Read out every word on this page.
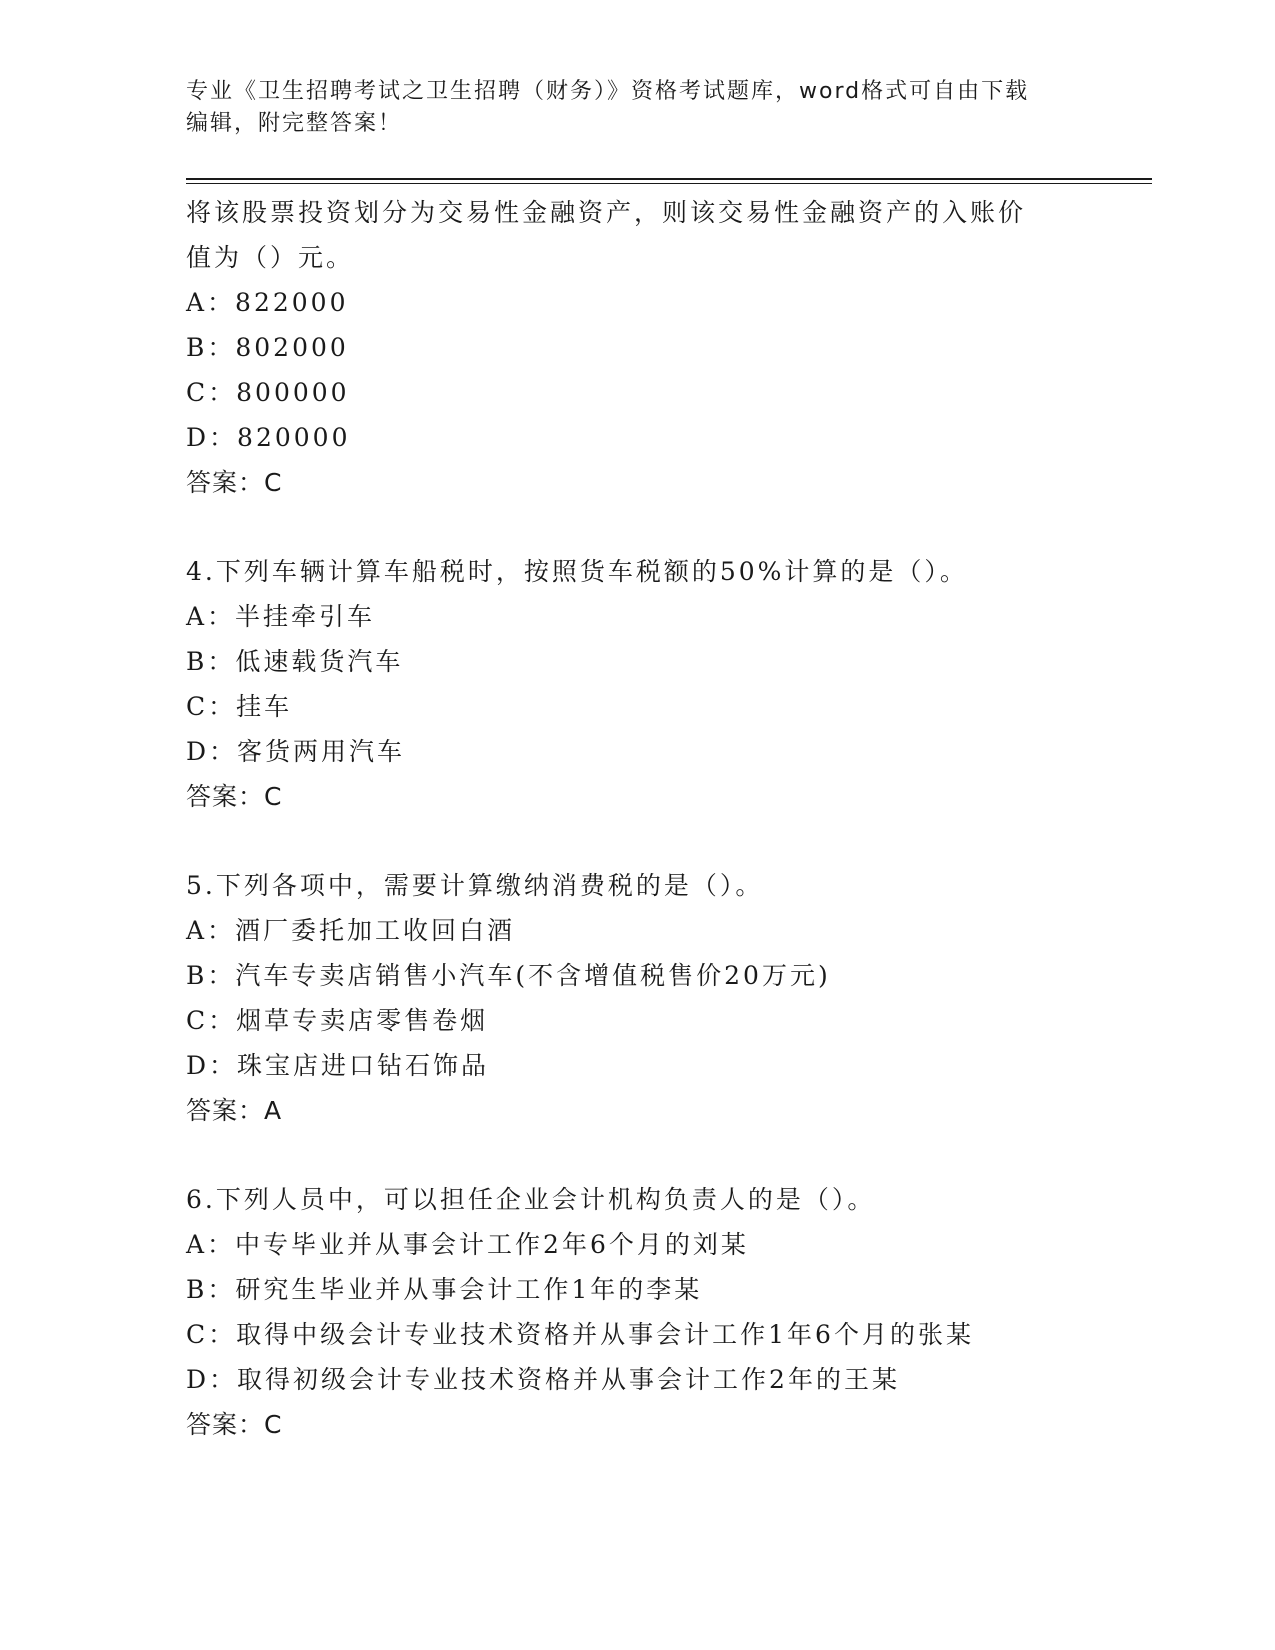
专业《卫生招聘考试之卫生招聘（财务）》资格考试题库，word格式可自由下载
编辑，附完整答案！
将该股票投资划分为交易性金融资产，则该交易性金融资产的入账价
值为（）元。
A：822000
B：802000
C：800000
D：820000
答案：C
4.下列车辆计算车船税时，按照货车税额的50%计算的是（）。
A：半挂牵引车
B：低速载货汽车
C：挂车
D：客货两用汽车
答案：C
5.下列各项中，需要计算缴纳消费税的是（）。
A：酒厂委托加工收回白酒
B：汽车专卖店销售小汽车(不含增值税售价20万元)
C：烟草专卖店零售卷烟
D：珠宝店进口钻石饰品
答案：A
6.下列人员中，可以担任企业会计机构负责人的是（）。
A：中专毕业并从事会计工作2年6个月的刘某
B：研究生毕业并从事会计工作1年的李某
C：取得中级会计专业技术资格并从事会计工作1年6个月的张某
D：取得初级会计专业技术资格并从事会计工作2年的王某
答案：C
